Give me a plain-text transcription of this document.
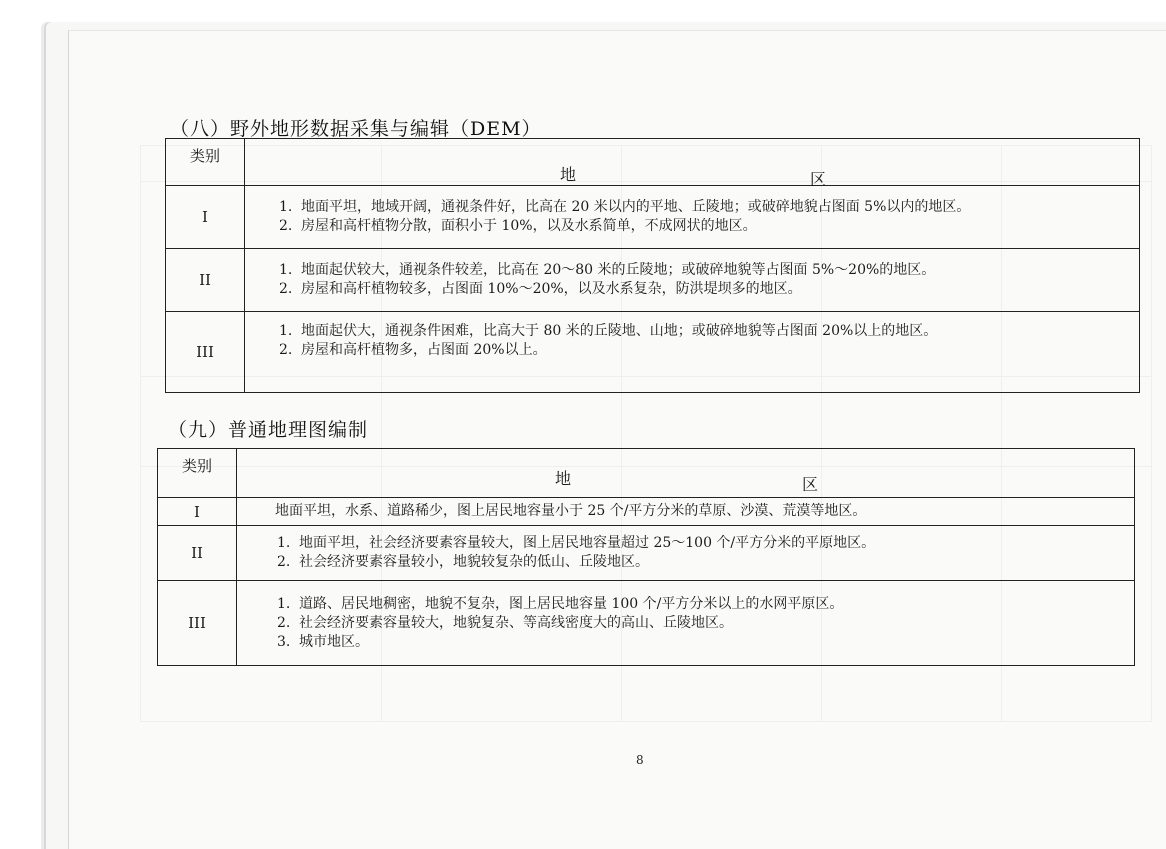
（八）野外地形数据采集与编辑（DEM）
类别	地 区

I	1. 地面平坦，地域开阔，通视条件好，比高在 20 米以内的平地、丘陵地；或破碎地貌占图面 5%以内的地区。
2. 房屋和高杆植物分散，面积小于 10%，以及水系简单，不成网状的地区。

II	1. 地面起伏较大，通视条件较差，比高在 20～80 米的丘陵地；或破碎地貌等占图面 5%～20%的地区。
2. 房屋和高杆植物较多，占图面 10%～20%，以及水系复杂，防洪堤坝多的地区。

III	1. 地面起伏大，通视条件困难，比高大于 80 米的丘陵地、山地；或破碎地貌等占图面 20%以上的地区。
2. 房屋和高杆植物多，占图面 20%以上。
（九）普通地理图编制
类别	地 区

I	地面平坦，水系、道路稀少，图上居民地容量小于 25 个/平方分米的草原、沙漠、荒漠等地区。

II	1. 地面平坦，社会经济要素容量较大，图上居民地容量超过 25～100 个/平方分米的平原地区。
2. 社会经济要素容量较小，地貌较复杂的低山、丘陵地区。

III	1. 道路、居民地稠密，地貌不复杂，图上居民地容量 100 个/平方分米以上的水网平原区。
2. 社会经济要素容量较大，地貌复杂、等高线密度大的高山、丘陵地区。
3. 城市地区。
8
